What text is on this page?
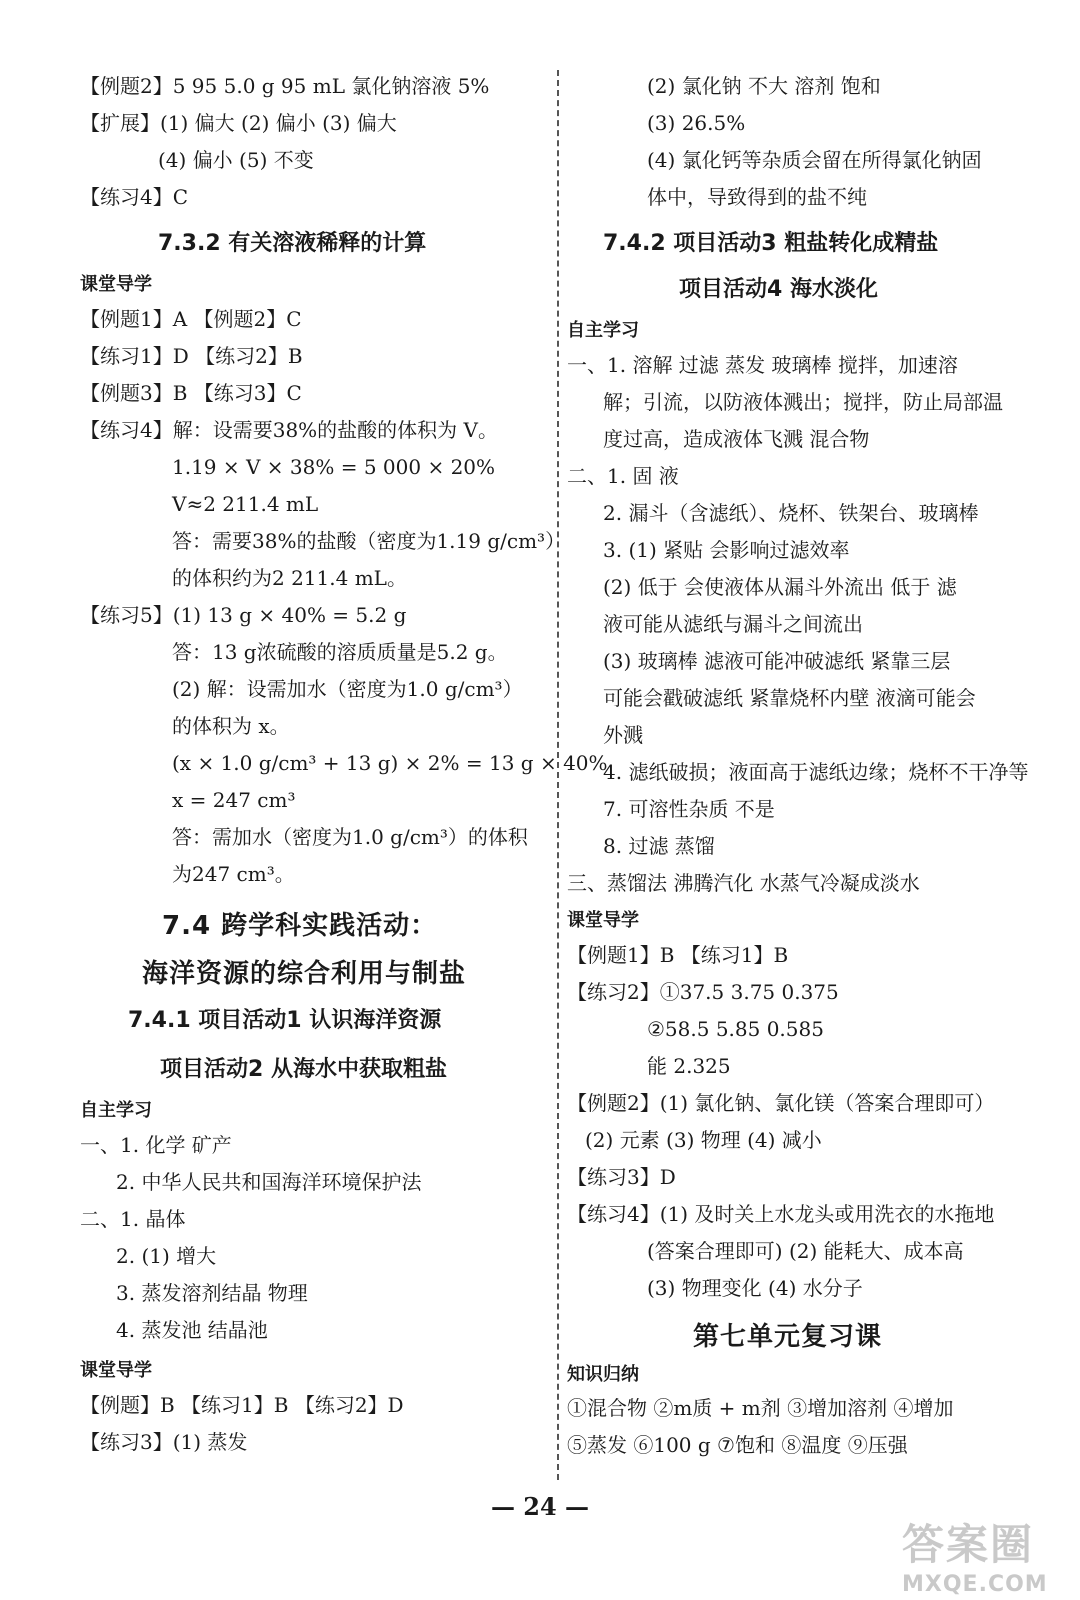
【例题2】5 95 5.0 g 95 mL 氯化钠溶液 5%
【扩展】(1) 偏大 (2) 偏小 (3) 偏大
(4) 偏小 (5) 不变
【练习4】C
7.3.2 有关溶液稀释的计算
课堂导学
【例题1】A 【例题2】C
【练习1】D 【练习2】B
【例题3】B 【练习3】C
【练习4】解：设需要38%的盐酸的体积为 V。
1.19 × V × 38% = 5 000 × 20%
V≈2 211.4 mL
答：需要38%的盐酸（密度为1.19 g/cm³）
的体积约为2 211.4 mL。
【练习5】(1) 13 g × 40% = 5.2 g
答：13 g浓硫酸的溶质质量是5.2 g。
(2) 解：设需加水（密度为1.0 g/cm³）
的体积为 x。
(x × 1.0 g/cm³ + 13 g) × 2% = 13 g × 40%
x = 247 cm³
答：需加水（密度为1.0 g/cm³）的体积
为247 cm³。
7.4 跨学科实践活动：
海洋资源的综合利用与制盐
7.4.1 项目活动1 认识海洋资源
项目活动2 从海水中获取粗盐
自主学习
一、1. 化学 矿产
2. 中华人民共和国海洋环境保护法
二、1. 晶体
2. (1) 增大
3. 蒸发溶剂结晶 物理
4. 蒸发池 结晶池
课堂导学
【例题】B 【练习1】B 【练习2】D
【练习3】(1) 蒸发
(2) 氯化钠 不大 溶剂 饱和
(3) 26.5%
(4) 氯化钙等杂质会留在所得氯化钠固
体中，导致得到的盐不纯
7.4.2 项目活动3 粗盐转化成精盐
项目活动4 海水淡化
自主学习
一、1. 溶解 过滤 蒸发 玻璃棒 搅拌，加速溶
解；引流，以防液体溅出；搅拌，防止局部温
度过高，造成液体飞溅 混合物
二、1. 固 液
2. 漏斗（含滤纸）、烧杯、铁架台、玻璃棒
3. (1) 紧贴 会影响过滤效率
(2) 低于 会使液体从漏斗外流出 低于 滤
液可能从滤纸与漏斗之间流出
(3) 玻璃棒 滤液可能冲破滤纸 紧靠三层
可能会戳破滤纸 紧靠烧杯内壁 液滴可能会
外溅
4. 滤纸破损；液面高于滤纸边缘；烧杯不干净等
7. 可溶性杂质 不是
8. 过滤 蒸馏
三、蒸馏法 沸腾汽化 水蒸气冷凝成淡水
课堂导学
【例题1】B 【练习1】B
【练习2】①37.5 3.75 0.375
②58.5 5.85 0.585
能 2.325
【例题2】(1) 氯化钠、氯化镁（答案合理即可）
(2) 元素 (3) 物理 (4) 减小
【练习3】D
【练习4】(1) 及时关上水龙头或用洗衣的水拖地
(答案合理即可) (2) 能耗大、成本高
(3) 物理变化 (4) 水分子
第七单元复习课
知识归纳
①混合物 ②m质 + m剂 ③增加溶剂 ④增加
⑤蒸发 ⑥100 g ⑦饱和 ⑧温度 ⑨压强
— 24 —
答案圈
MXQE.COM
